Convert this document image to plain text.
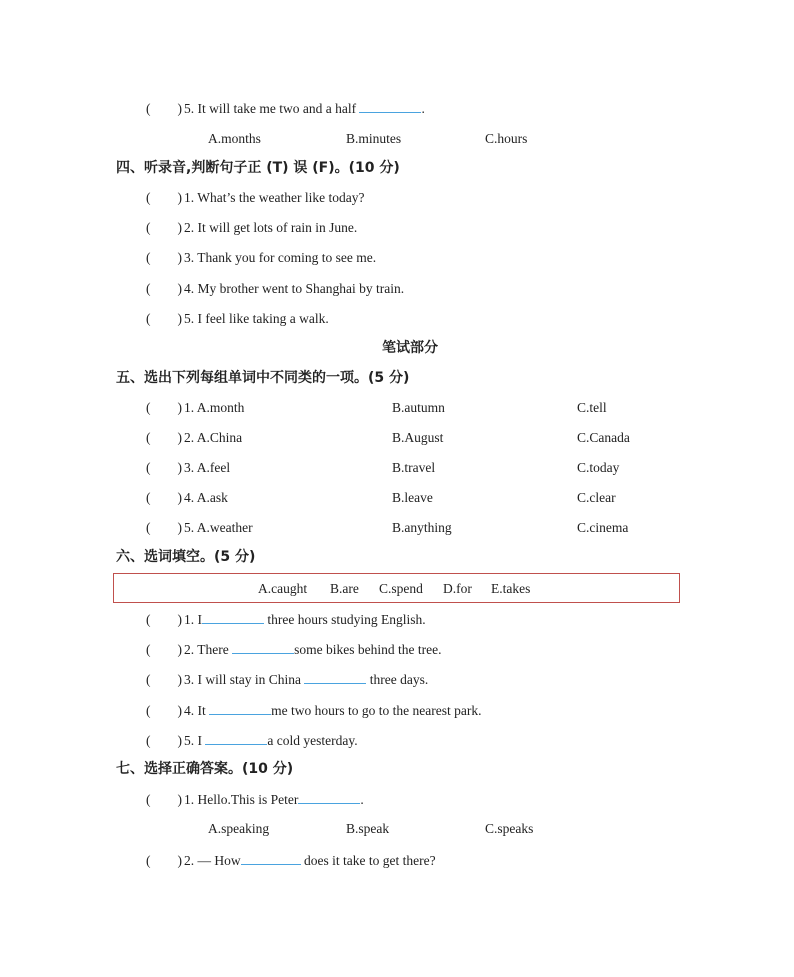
(        ) 5. It will take me two and a half	.
A.months	B.minutes	C.hours
四、听录音,判断句子正 (T) 误 (F)。(10 分)
(        ) 1. What’s the weather like today?
(        ) 2. It will get lots of rain in June.
(        ) 3. Thank you for coming to see me.
(        ) 4. My brother went to Shanghai by train.
(        ) 5. I feel like taking a walk.
笔试部分
五、选出下列每组单词中不同类的一项。(5 分)
(        ) 1. A.month	B.autumn	C.tell
(        ) 2. A.China	B.August	C.Canada
(        ) 3. A.feel	B.travel	C.today
(        ) 4. A.ask	B.leave	C.clear
(        ) 5. A.weather	B.anything	C.cinema
六、选词填空。(5 分)
A.caught B.are C.spend D.for E.takes
(        ) 1. I	three hours studying English.
(        ) 2. There	some bikes behind the tree.
(        ) 3. I will stay in China	three days.
(        ) 4. It	me two hours to go to the nearest park.
(        ) 5. I	a cold yesterday.
七、选择正确答案。(10 分)
(        ) 1. Hello.This is Peter	.
A.speaking	B.speak	C.speaks
(        ) 2. — How	does it take to get there?
